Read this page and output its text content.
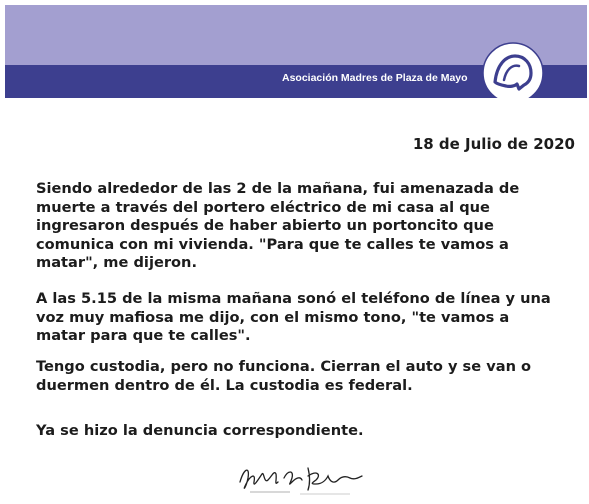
Asociación Madres de Plaza de Mayo
18 de Julio de 2020

Siendo alrededor de las 2 de la mañana, fui amenazada de muerte a través del portero eléctrico de mi casa al que ingresaron después de haber abierto un portoncito que comunica con mi vivienda. "Para que te calles te vamos a matar", me dijeron.

A las 5.15 de la misma mañana sonó el teléfono de línea y una voz muy mafiosa me dijo, con el mismo tono, "te vamos a matar para que te calles".

Tengo custodia, pero no funciona. Cierran el auto y se van o duermen dentro de él. La custodia es federal.

Ya se hizo la denuncia correspondiente.
